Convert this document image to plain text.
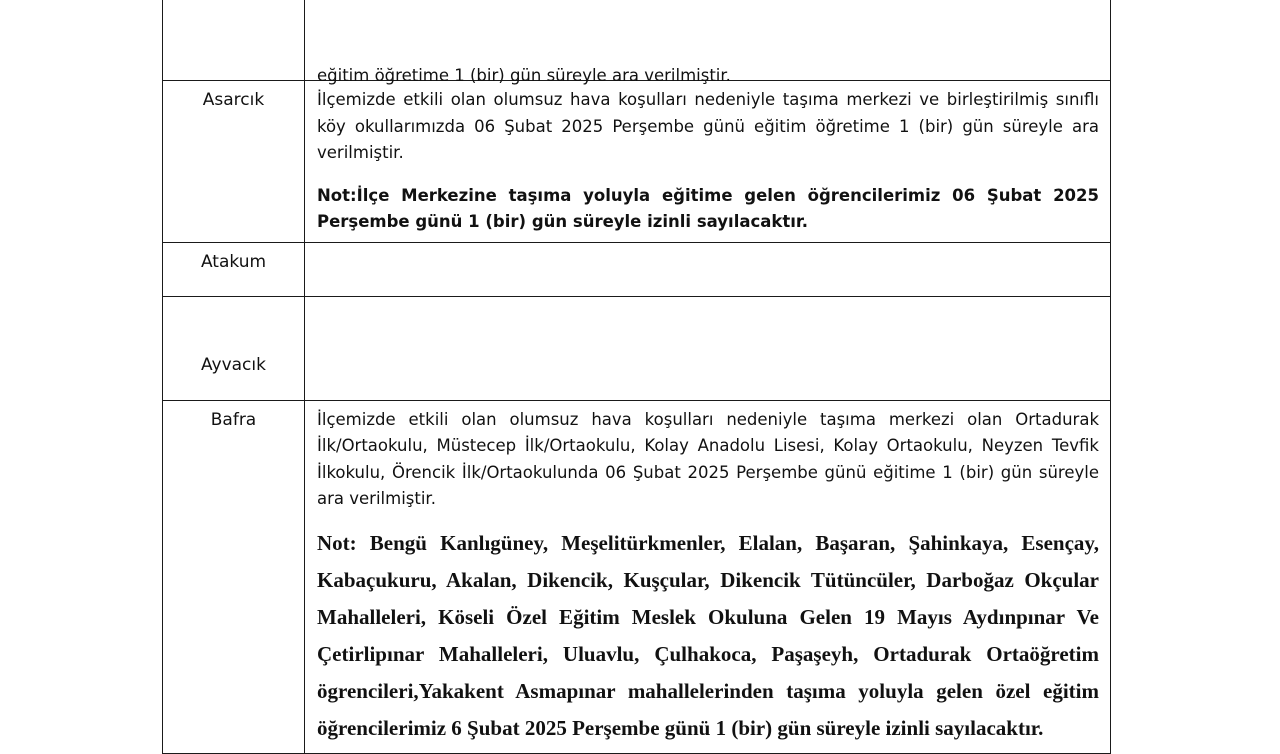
	eğitim öğretime 1 (bir) gün süreyle ara verilmiştir.

Asarcık	İlçemizde etkili olan olumsuz hava koşulları nedeniyle taşıma merkezi ve birleştirilmiş sınıflı köy okullarımızda 06 Şubat 2025 Perşembe günü eğitim öğretime 1 (bir) gün süreyle ara verilmiştir.

Not:İlçe Merkezine taşıma yoluyla eğitime gelen öğrencilerimiz 06 Şubat 2025 Perşembe günü 1 (bir) gün süreyle izinli sayılacaktır.

Atakum	

Ayvacık	

Bafra	İlçemizde etkili olan olumsuz hava koşulları nedeniyle taşıma merkezi olan Ortadurak İlk/Ortaokulu, Müstecep İlk/Ortaokulu, Kolay Anadolu Lisesi, Kolay Ortaokulu, Neyzen Tevfik İlkokulu, Örencik İlk/Ortaokulunda 06 Şubat 2025 Perşembe günü eğitime 1 (bir) gün süreyle ara verilmiştir.

Not: Bengü Kanlıgüney, Meşelitürkmenler, Elalan, Başaran, Şahinkaya, Esençay, Kabaçukuru, Akalan, Dikencik, Kuşçular, Dikencik Tütüncüler, Darboğaz Okçular Mahalleleri, Köseli Özel Eğitim Meslek Okuluna Gelen 19 Mayıs Aydınpınar Ve Çetirlipınar Mahalleleri, Uluavlu, Çulhakoca, Paşaşeyh, Ortadurak Ortaöğretim ögrencileri,Yakakent Asmapınar mahallelerinden taşıma yoluyla gelen özel eğitim öğrencilerimiz 6 Şubat 2025 Perşembe günü 1 (bir) gün süreyle izinli sayılacaktır.
